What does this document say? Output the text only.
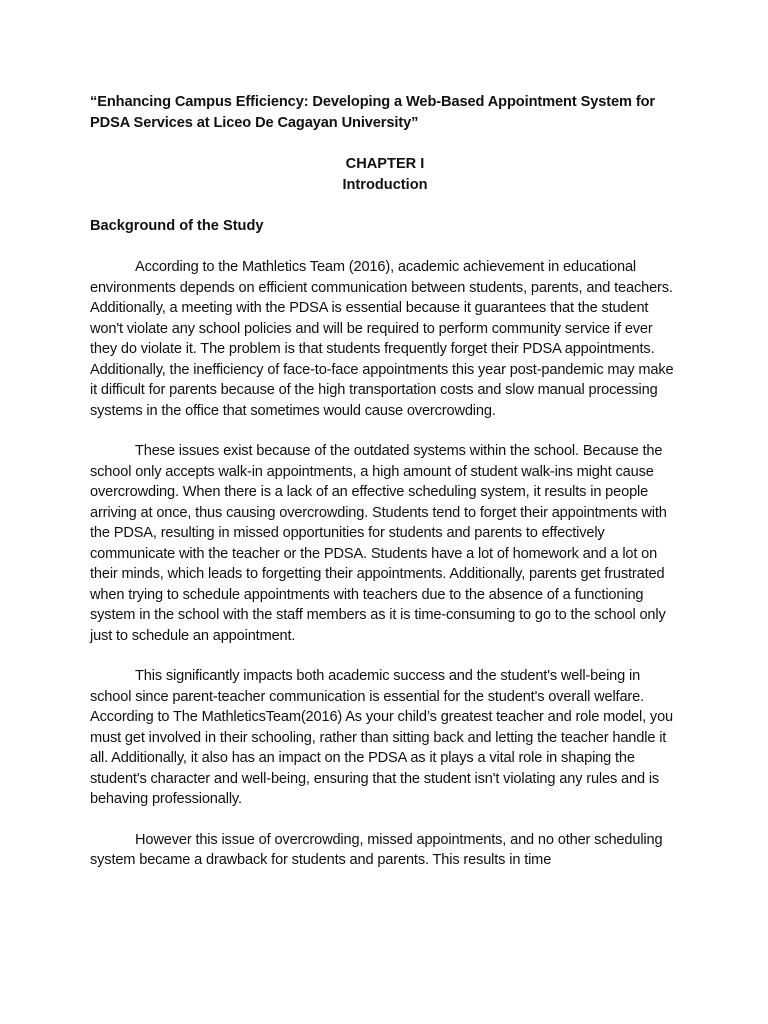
“Enhancing Campus Efficiency: Developing a Web-Based Appointment System for PDSA Services at Liceo De Cagayan University”

CHAPTER I
Introduction
Background of the Study

According to the Mathletics Team (2016), academic achievement in educational environments depends on efficient communication between students, parents, and teachers. Additionally, a meeting with the PDSA is essential because it guarantees that the student won't violate any school policies and will be required to perform community service if ever they do violate it. The problem is that students frequently forget their PDSA appointments. Additionally, the inefficiency of face-to-face appointments this year post-pandemic may make it difficult for parents because of the high transportation costs and slow manual processing systems in the office that sometimes would cause overcrowding.

These issues exist because of the outdated systems within the school. Because the school only accepts walk-in appointments, a high amount of student walk-ins might cause overcrowding. When there is a lack of an effective scheduling system, it results in people arriving at once, thus causing overcrowding. Students tend to forget their appointments with the PDSA, resulting in missed opportunities for students and parents to effectively communicate with the teacher or the PDSA. Students have a lot of homework and a lot on their minds, which leads to forgetting their appointments. Additionally, parents get frustrated when trying to schedule appointments with teachers due to the absence of a functioning system in the school with the staff members as it is time-consuming to go to the school only just to schedule an appointment.

This significantly impacts both academic success and the student's well-being in school since parent-teacher communication is essential for the student's overall welfare. According to The MathleticsTeam(2016) As your child’s greatest teacher and role model, you must get involved in their schooling, rather than sitting back and letting the teacher handle it all. Additionally, it also has an impact on the PDSA as it plays a vital role in shaping the student's character and well-being, ensuring that the student isn't violating any rules and is behaving professionally.

However this issue of overcrowding, missed appointments, and no other scheduling system became a drawback for students and parents. This results in time
